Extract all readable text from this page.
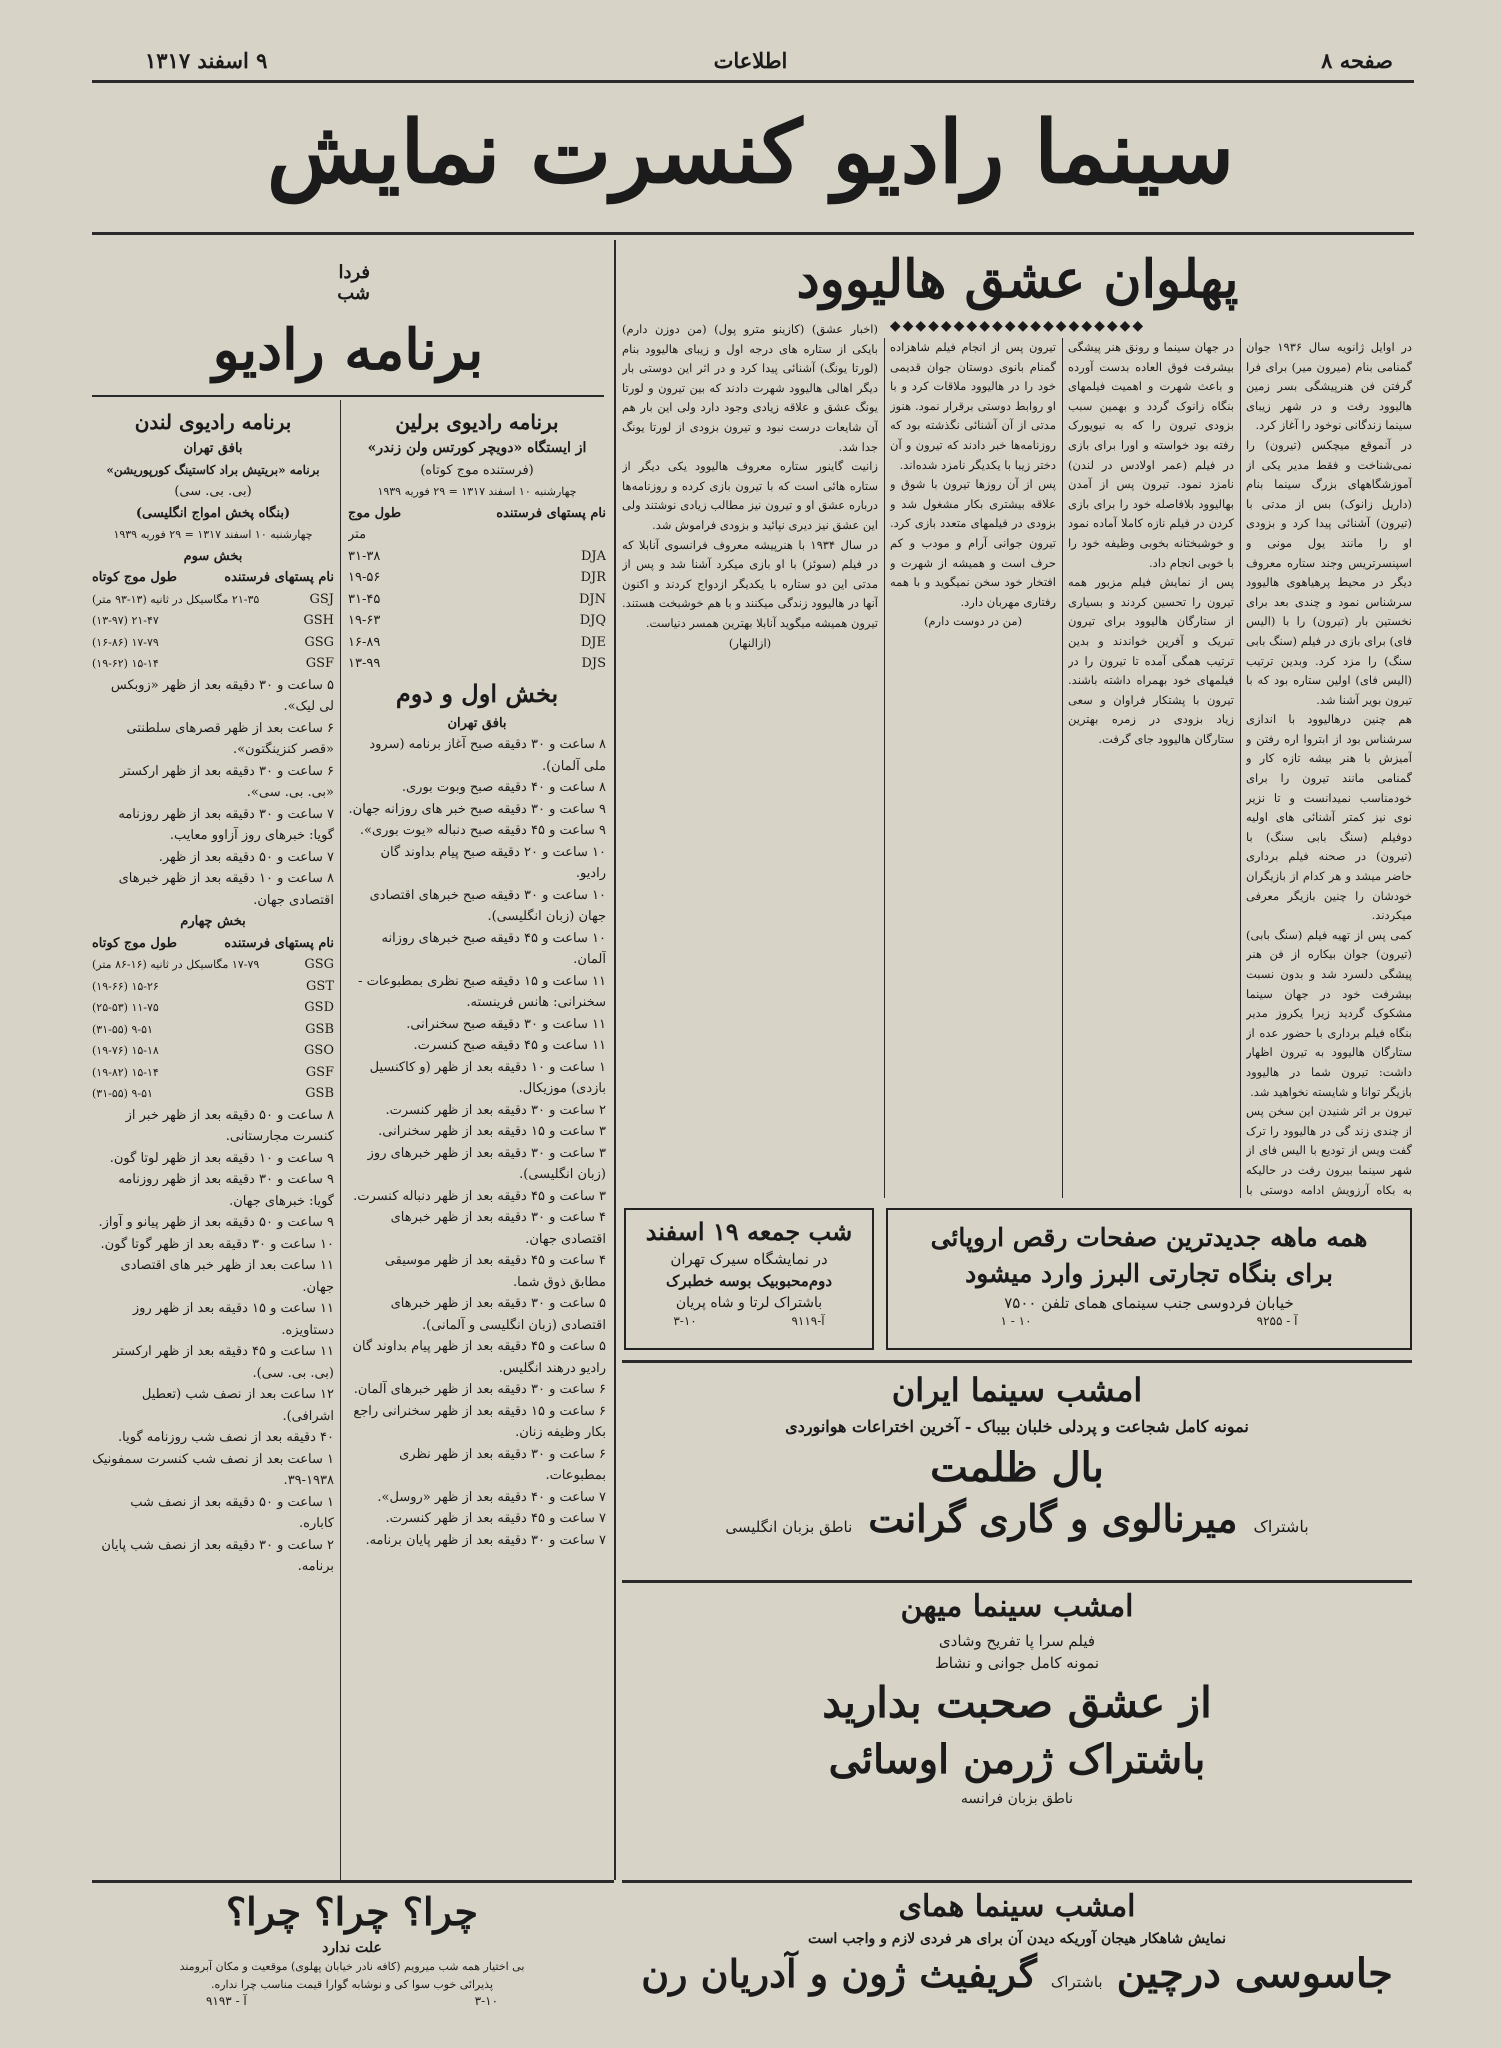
صفحه ۸
اطلاعات
۹ اسفند ۱۳۱۷
سینما رادیو کنسرت نمایش
پهلوان عشق هالیوود
◆◆◆◆◆◆◆◆◆◆◆◆◆◆◆◆◆◆◆◆

در اوایل ژانویه سال ۱۹۳۶ جوان گمنامی بنام (میرون میر) برای فرا گرفتن فن هنرپیشگی بسر زمین هالیوود رفت و در شهر زیبای سینما زندگانی نوخود را آغاز کرد.

در آنموقع میچکس (تیرون) را نمی‌شناخت و فقط مدیر یکی از آموزشگاههای بزرگ سینما بنام (داریل زانوک) بس از مدتی با (تیرون) آشنائی پیدا کرد و بزودی او را مانند یول مونی و اسپنسرتریس وجند ستاره معروف دیگر در محیط پرهیاهوی هالیوود سرشناس نمود و چندی بعد برای نخستین بار (تیرون) را با (الیس فای) برای بازی در فیلم (سنگ بابی سنگ) را مزد کرد. وبدین ترتیب (الیس فای) اولین ستاره بود که با تیرون بویر آشنا شد.

هم چنین درهالیوود با اندازی سرشناس بود از ابتروا اره رفتن و آمیزش با هنر بیشه تازه کار و گمنامی مانند تیرون را برای خودمناسب نمیدانست و تا نزیر نوی نیز کمتر آشنائی های اولیه دوفیلم (سنگ بابی سنگ) با (تیرون) در صحنه فیلم برداری حاضر میشد و هر کدام از بازیگران خودشان را چنین بازیگر معرفی میکردند.

کمی پس از تهیه فیلم (سنگ بابی) (تیرون) جوان بیکاره از فن هنر پیشگی دلسرد شد و بدون نسبت بیشرفت خود در جهان سینما مشکوک گردید زیرا یکروز مدیر بنگاه فیلم برداری با حضور عده از ستارگان هالیوود به تیرون اظهار داشت: تیرون شما در هالیوود بازیگر توانا و شایسته نخواهید شد.

تیرون بر اثر شنیدن این سخن پس از چندی زند گی در هالیوود را ترک گفت ویس از تودیع با الیس فای از شهر سینما بیرون رفت در حالیکه به بکاه آرزویش ادامه دوستی با

در جهان سینما و رونق هنر پیشگی بیشرفت فوق العاده بدست آورده و باعث شهرت و اهمیت فیلمهای بنگاه زانوک گردد و بهمین سبب بزودی تیرون را که به نیویورک رفته بود خواسته و اورا برای بازی در فیلم (عمر اولادس در لندن) نامزد نمود. تیرون پس از آمدن بهالیوود بلافاصله خود را برای بازی کردن در فیلم نازه کاملا آماده نمود و خوشبختانه بخوبی وظیفه خود را با خوبی انجام داد.

پس از نمایش فیلم مزبور همه تیرون را تحسین کردند و بسیاری از ستارگان هالیوود برای تیرون تبریک و آفرین خواندند و بدین ترتیب همگی آمده تا تیرون را در فیلمهای خود بهمراه داشته باشند. تیرون با پشتکار فراوان و سعی زیاد بزودی در زمره بهترین ستارگان هالیوود جای گرفت.

تیرون پس از انجام فیلم شاهزاده گمنام بانوی دوستان جوان قدیمی خود را در هالیوود ملاقات کرد و با او روابط دوستی برقرار نمود. هنوز مدتی از آن آشنائی نگذشته بود که روزنامه‌ها خبر دادند که تیرون و آن دختر زیبا با یکدیگر نامزد شده‌اند.

پس از آن روزها تیرون با شوق و علاقه بیشتری بکار مشغول شد و بزودی در فیلمهای متعدد بازی کرد. تیرون جوانی آرام و مودب و کم حرف است و همیشه از شهرت و افتخار خود سخن نمیگوید و با همه رفتاری مهربان دارد.

(من در دوست دارم)

(اخبار عشق) (کازینو مترو پول) (من دوزن دارم) بایکی از ستاره های درجه اول و زیبای هالیوود بنام (لورتا یونگ) آشنائی پیدا کرد و در اثر این دوستی بار دیگر اهالی هالیوود شهرت دادند که بین تیرون و لورتا یونگ عشق و علاقه زیادی وجود دارد ولی این بار هم آن شایعات درست نبود و تیرون بزودی از لورتا یونگ جدا شد.

زانیت گاینور ستاره معروف هالیوود یکی دیگر از ستاره هائی است که با تیرون بازی کرده و روزنامه‌ها درباره عشق او و تیرون نیز مطالب زیادی نوشتند ولی این عشق نیز دیری نپائید و بزودی فراموش شد.

در سال ۱۹۳۴ با هنرپیشه معروف فرانسوی آنابلا که در فیلم (سوئز) با او بازی میکرد آشنا شد و پس از مدتی این دو ستاره با یکدیگر ازدواج کردند و اکنون آنها در هالیوود زندگی میکنند و با هم خوشبخت هستند. تیرون همیشه میگوید آنابلا بهترین همسر دنیاست.

(ازالنهار)

شب جمعه ۱۹ اسفند
در نمایشگاه سیرک تهران
دوم‌محبوبیک بوسه خطبرک
باشتراک لرتا و شاه پریان
۳-۱۰	آ-۹۱۱۹
همه ماهه جدیدترین صفحات رقص اروپائی
برای بنگاه تجارتی البرز وارد میشود
خیابان فردوسی جنب سینمای همای تلفن ۷۵۰۰
۱ - ۱۰	آ - ۹۲۵۵
امشب سینما ایران
نمونه کامل شجاعت و پردلی خلبان بیباک - آخرین اختراعات هوانوردی
بال ظلمت
باشتراک
میرنالوی و گاری گرانت
ناطق بزبان انگلیسی
امشب سینما میهن
فیلم سرا پا تفریح وشادی
نمونه کامل جوانی و نشاط
از عشق صحبت بدارید
باشتراک ژرمن اوسائی
ناطق بزبان فرانسه
امشب سینما همای
نمایش شاهکار هیجان آوریکه دیدن آن برای هر فردی لازم و واجب است
جاسوسی درچین
باشتراک
گریفیث ژون و آدریان رن
فردا شب
برنامه رادیو

برنامه رادیوی برلین

از ایستگاه «دویچر کورتس ولن زندر»

(فرستنده موج کوتاه)

چهارشنبه ۱۰ اسفند ۱۳۱۷ = ۲۹ فوریه ۱۹۳۹

نام پستهای فرستنده
طول موج
متر
DJA
۳۱-۳۸
DJR
۱۹-۵۶
DJN
۳۱-۴۵
DJQ
۱۹-۶۳
DJE
۱۶-۸۹
DJS
۱۳-۹۹

بخش اول و دوم

بافق تهران

۸ ساعت و ۳۰ دقیقه صبح آغاز برنامه (سرود ملی آلمان).

۸ ساعت و ۴۰ دقیقه صبح وبوت بوری.

۹ ساعت و ۳۰ دقیقه صبح خبر های روزانه جهان.

۹ ساعت و ۴۵ دقیقه صبح دنباله «یوت بوری».

۱۰ ساعت و ۲۰ دقیقه صبح پیام بداوند گان رادیو.

۱۰ ساعت و ۳۰ دقیقه صبح خبرهای اقتصادی جهان (زبان انگلیسی).

۱۰ ساعت و ۴۵ دقیقه صبح خبرهای روزانه آلمان.

۱۱ ساعت و ۱۵ دقیقه صبح نظری بمطبوعات - سخنرانی: هانس فرینسته.

۱۱ ساعت و ۳۰ دقیقه صبح سخنرانی.

۱۱ ساعت و ۴۵ دقیقه صبح کنسرت.

۱ ساعت و ۱۰ دقیقه بعد از ظهر (و کاکنسیل بازدی) موزیکال.

۲ ساعت و ۳۰ دقیقه بعد از ظهر کنسرت.

۳ ساعت و ۱۵ دقیقه بعد از ظهر سخنرانی.

۳ ساعت و ۳۰ دقیقه بعد از ظهر خبرهای روز (زبان انگلیسی).

۳ ساعت و ۴۵ دقیقه بعد از ظهر دنباله کنسرت.

۴ ساعت و ۳۰ دقیقه بعد از ظهر خبرهای اقتصادی جهان.

۴ ساعت و ۴۵ دقیقه بعد از ظهر موسیقی مطابق ذوق شما.

۵ ساعت و ۳۰ دقیقه بعد از ظهر خبرهای اقتصادی (زبان انگلیسی و آلمانی).

۵ ساعت و ۴۵ دقیقه بعد از ظهر پیام بداوند گان رادیو درهند انگلیس.

۶ ساعت و ۳۰ دقیقه بعد از ظهر خبرهای آلمان.

۶ ساعت و ۱۵ دقیقه بعد از ظهر سخنرانی راجع بکار وظیفه زنان.

۶ ساعت و ۳۰ دقیقه بعد از ظهر نظری بمطبوعات.

۷ ساعت و ۴۰ دقیقه بعد از ظهر «روسل».

۷ ساعت و ۴۵ دقیقه بعد از ظهر کنسرت.

۷ ساعت و ۳۰ دقیقه بعد از ظهر پایان برنامه.

برنامه رادیوی لندن

بافق تهران

برنامه «بریتیش براد کاستینگ کورپوریشن»

(بی. بی. سی)

(بنگاه پخش امواج انگلیسی)

چهارشنبه ۱۰ اسفند ۱۳۱۷ = ۲۹ فوریه ۱۹۳۹

بخش سوم

نام پستهای فرستنده
طول موج کوتاه
GSJ
۲۱-۳۵ مگاسیکل در ثانیه (۱۳-۹۳ متر)
GSH
۲۱-۴۷ (۱۳-۹۷)
GSG
۱۷-۷۹ (۱۶-۸۶)
GSF
۱۵-۱۴ (۱۹-۶۲)

۵ ساعت و ۳۰ دقیقه بعد از ظهر «زوبکس لی لیک».

۶ ساعت بعد از ظهر قصرهای سلطنتی «قصر کنزینگتون».

۶ ساعت و ۳۰ دقیقه بعد از ظهر ارکستر «بی. بی. سی».

۷ ساعت و ۳۰ دقیقه بعد از ظهر روزنامه گویا: خبرهای روز آزاوو معایب.

۷ ساعت و ۵۰ دقیقه بعد از ظهر.

۸ ساعت و ۱۰ دقیقه بعد از ظهر خبرهای اقتصادی جهان.

بخش چهارم

نام پستهای فرستنده
طول موج کوتاه
GSG
۱۷-۷۹ مگاسیکل در ثانیه (۱۶-۸۶ متر)
GST
۱۵-۲۶ (۱۹-۶۶)
GSD
۱۱-۷۵ (۲۵-۵۳)
GSB
۹-۵۱ (۳۱-۵۵)
GSO
۱۵-۱۸ (۱۹-۷۶)
GSF
۱۵-۱۴ (۱۹-۸۲)
GSB
۹-۵۱ (۳۱-۵۵)

۸ ساعت و ۵۰ دقیقه بعد از ظهر خبر از کنسرت مجارستانی.

۹ ساعت و ۱۰ دقیقه بعد از ظهر لوتا گون.

۹ ساعت و ۳۰ دقیقه بعد از ظهر روزنامه گویا: خبرهای جهان.

۹ ساعت و ۵۰ دقیقه بعد از ظهر پیانو و آواز.

۱۰ ساعت و ۳۰ دقیقه بعد از ظهر گوتا گون.

۱۱ ساعت بعد از ظهر خبر های اقتصادی جهان.

۱۱ ساعت و ۱۵ دقیقه بعد از ظهر روز دستاویزه.

۱۱ ساعت و ۴۵ دقیقه بعد از ظهر ارکستر (بی. بی. سی).

۱۲ ساعت بعد از نصف شب (تعطیل اشرافی).

۴۰ دقیقه بعد از نصف شب روزنامه گویا.

۱ ساعت بعد از نصف شب کنسرت سمفونیک ۱۹۳۸-۳۹.

۱ ساعت و ۵۰ دقیقه بعد از نصف شب کاباره.

۲ ساعت و ۳۰ دقیقه بعد از نصف شب پایان برنامه.

چرا؟ چرا؟ چرا؟
علت ندارد
بی اختیار همه شب میرویم (کافه نادر خیابان پهلوی) موقعیت و مکان آبرومند
پذیرائی خوب سوا کی و نوشابه گوارا قیمت مناسب چرا نداره.
۳-۱۰
آ - ۹۱۹۳
